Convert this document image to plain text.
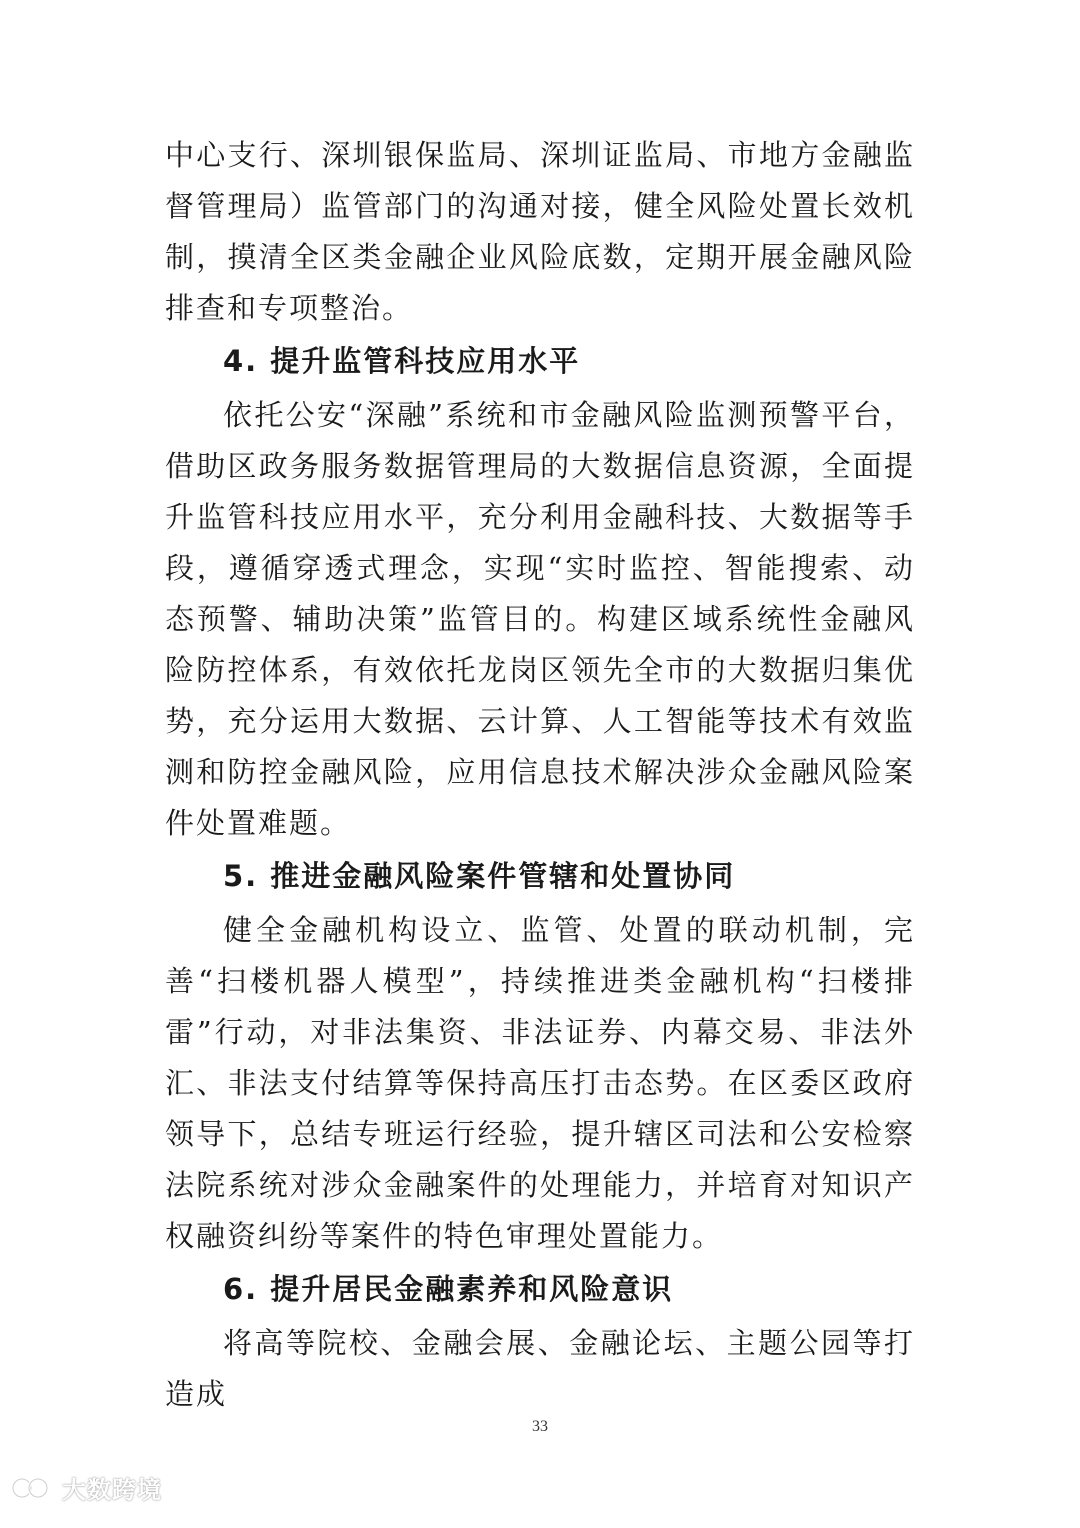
中心支行、深圳银保监局、深圳证监局、市地方金融监督管理局）监管部门的沟通对接，健全风险处置长效机制，摸清全区类金融企业风险底数，定期开展金融风险排查和专项整治。

4. 提升监管科技应用水平

依托公安“深融”系统和市金融风险监测预警平台，借助区政务服务数据管理局的大数据信息资源，全面提升监管科技应用水平，充分利用金融科技、大数据等手段，遵循穿透式理念，实现“实时监控、智能搜索、动态预警、辅助决策”监管目的。构建区域系统性金融风险防控体系，有效依托龙岗区领先全市的大数据归集优势，充分运用大数据、云计算、人工智能等技术有效监测和防控金融风险，应用信息技术解决涉众金融风险案件处置难题。

5. 推进金融风险案件管辖和处置协同

健全金融机构设立、监管、处置的联动机制，完善“扫楼机器人模型”，持续推进类金融机构“扫楼排雷”行动，对非法集资、非法证券、内幕交易、非法外汇、非法支付结算等保持高压打击态势。在区委区政府领导下，总结专班运行经验，提升辖区司法和公安检察法院系统对涉众金融案件的处理能力，并培育对知识产权融资纠纷等案件的特色审理处置能力。

6. 提升居民金融素养和风险意识

将高等院校、金融会展、金融论坛、主题公园等打造成

33
大数跨境
